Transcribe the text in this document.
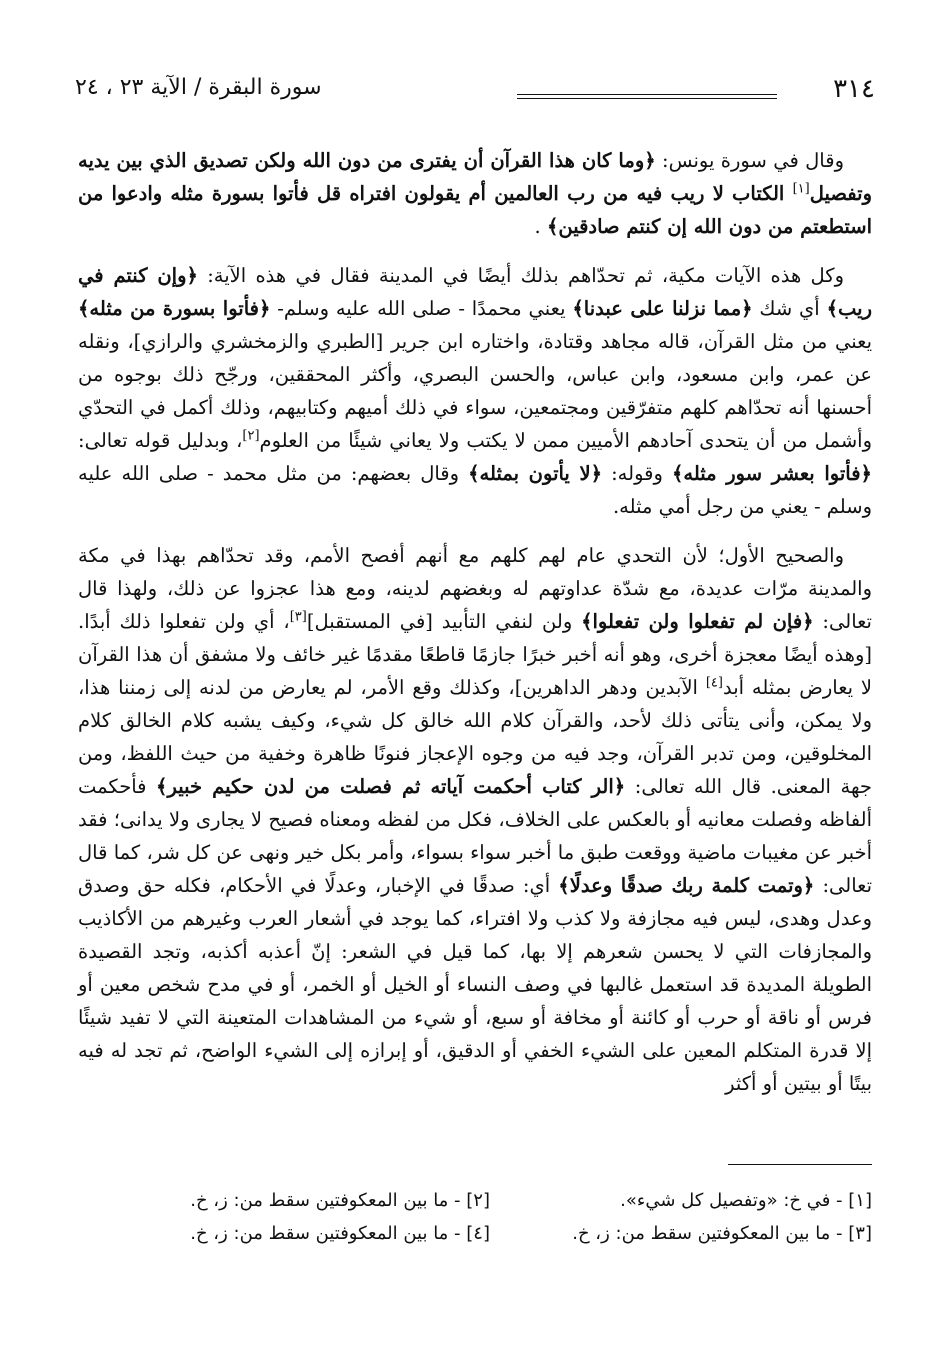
٣١٤
سورة البقرة / الآية ٢٣ ، ٢٤

وقال في سورة يونس: ﴿وما كان هذا القرآن أن يفترى من دون الله ولكن تصديق الذي بين يديه وتفصيل[١] الكتاب لا ريب فيه من رب العالمين أم يقولون افتراه قل فأتوا بسورة مثله وادعوا من استطعتم من دون الله إن كنتم صادقين﴾ .

وكل هذه الآيات مكية، ثم تحدّاهم بذلك أيضًا في المدينة فقال في هذه الآية: ﴿وإن كنتم في ريب﴾ أي شك ﴿مما نزلنا على عبدنا﴾ يعني محمدًا - صلى الله عليه وسلم- ﴿فأتوا بسورة من مثله﴾ يعني من مثل القرآن، قاله مجاهد وقتادة، واختاره ابن جرير [الطبري والزمخشري والرازي]، ونقله عن عمر، وابن مسعود، وابن عباس، والحسن البصري، وأكثر المحققين، ورجّح ذلك بوجوه من أحسنها أنه تحدّاهم كلهم متفرّقين ومجتمعين، سواء في ذلك أميهم وكتابيهم، وذلك أكمل في التحدّي وأشمل من أن يتحدى آحادهم الأميين ممن لا يكتب ولا يعاني شيئًا من العلوم[٢]، وبدليل قوله تعالى: ﴿فأتوا بعشر سور مثله﴾ وقوله: ﴿لا يأتون بمثله﴾ وقال بعضهم: من مثل محمد - صلى الله عليه وسلم - يعني من رجل أمي مثله.

والصحيح الأول؛ لأن التحدي عام لهم كلهم مع أنهم أفصح الأمم، وقد تحدّاهم بهذا في مكة والمدينة مرّات عديدة، مع شدّة عداوتهم له وبغضهم لدينه، ومع هذا عجزوا عن ذلك، ولهذا قال تعالى: ﴿فإن لم تفعلوا ولن تفعلوا﴾ ولن لنفي التأبيد [في المستقبل][٣]، أي ولن تفعلوا ذلك أبدًا. [وهذه أيضًا معجزة أخرى، وهو أنه أخبر خبرًا جازمًا قاطعًا مقدمًا غير خائف ولا مشفق أن هذا القرآن لا يعارض بمثله أبد[٤] الآبدين ودهر الداهرين]، وكذلك وقع الأمر، لم يعارض من لدنه إلى زمننا هذا، ولا يمكن، وأنى يتأتى ذلك لأحد، والقرآن كلام الله خالق كل شيء، وكيف يشبه كلام الخالق كلام المخلوقين، ومن تدبر القرآن، وجد فيه من وجوه الإعجاز فنونًا ظاهرة وخفية من حيث اللفظ، ومن جهة المعنى. قال الله تعالى: ﴿الر كتاب أحكمت آياته ثم فصلت من لدن حكيم خبير﴾ فأحكمت ألفاظه وفصلت معانيه أو بالعكس على الخلاف، فكل من لفظه ومعناه فصيح لا يجارى ولا يدانى؛ فقد أخبر عن مغيبات ماضية ووقعت طبق ما أخبر سواء بسواء، وأمر بكل خير ونهى عن كل شر، كما قال تعالى: ﴿وتمت كلمة ربك صدقًا وعدلًا﴾ أي: صدقًا في الإخبار، وعدلًا في الأحكام، فكله حق وصدق وعدل وهدى، ليس فيه مجازفة ولا كذب ولا افتراء، كما يوجد في أشعار العرب وغيرهم من الأكاذيب والمجازفات التي لا يحسن شعرهم إلا بها، كما قيل في الشعر: إنّ أعذبه أكذبه، وتجد القصيدة الطويلة المديدة قد استعمل غالبها في وصف النساء أو الخيل أو الخمر، أو في مدح شخص معين أو فرس أو ناقة أو حرب أو كائنة أو مخافة أو سبع، أو شيء من المشاهدات المتعينة التي لا تفيد شيئًا إلا قدرة المتكلم المعين على الشيء الخفي أو الدقيق، أو إبرازه إلى الشيء الواضح، ثم تجد له فيه بيتًا أو بيتين أو أكثر

[١] - في خ: «وتفصيل كل شيء».
[٢] - ما بين المعكوفتين سقط من: ز، خ.
[٣] - ما بين المعكوفتين سقط من: ز، خ.
[٤] - ما بين المعكوفتين سقط من: ز، خ.
